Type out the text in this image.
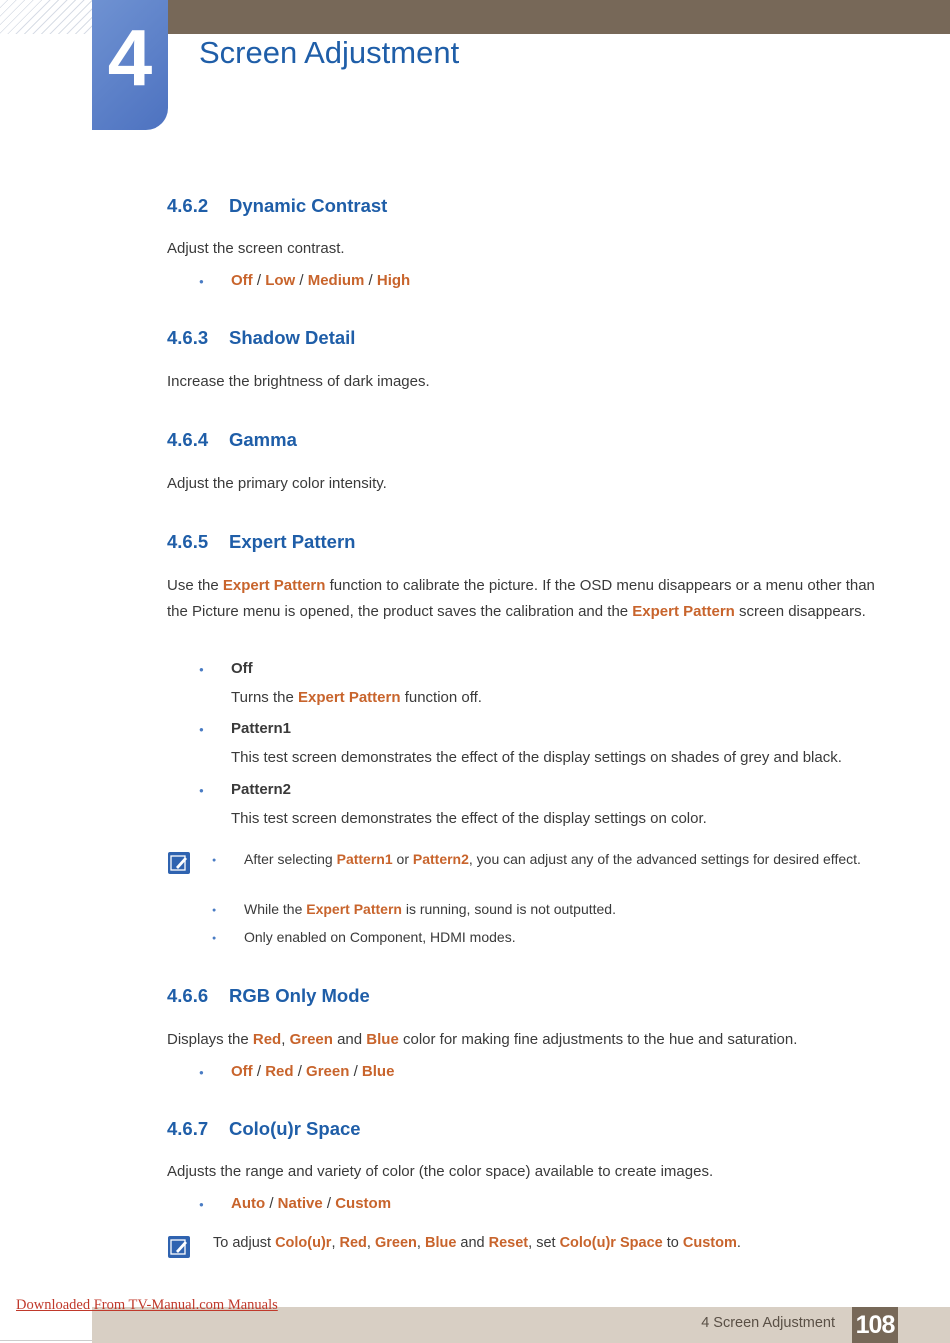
4	Screen Adjustment
4.6.2 Dynamic Contrast
Adjust the screen contrast.
●
Off / Low / Medium / High
4.6.3 Shadow Detail
Increase the brightness of dark images.
4.6.4 Gamma
Adjust the primary color intensity.
4.6.5 Expert Pattern
Use the Expert Pattern function to calibrate the picture. If the OSD menu disappears or a menu other than the Picture menu is opened, the product saves the calibration and the Expert Pattern screen disappears.
●
Off
Turns the Expert Pattern function off.
●
Pattern1
This test screen demonstrates the effect of the display settings on shades of grey and black.
●
Pattern2
This test screen demonstrates the effect of the display settings on color.
●
After selecting Pattern1 or Pattern2, you can adjust any of the advanced settings for desired effect.
●
While the Expert Pattern is running, sound is not outputted.
●
Only enabled on Component, HDMI modes.
4.6.6 RGB Only Mode
Displays the Red, Green and Blue color for making fine adjustments to the hue and saturation.
●
Off / Red / Green / Blue
4.6.7 Colo(u)r Space
Adjusts the range and variety of color (the color space) available to create images.
●
Auto / Native / Custom
To adjust Colo(u)r, Red, Green, Blue and Reset, set Colo(u)r Space to Custom.
Downloaded From TV-Manual.com Manuals
4 Screen Adjustment 108
